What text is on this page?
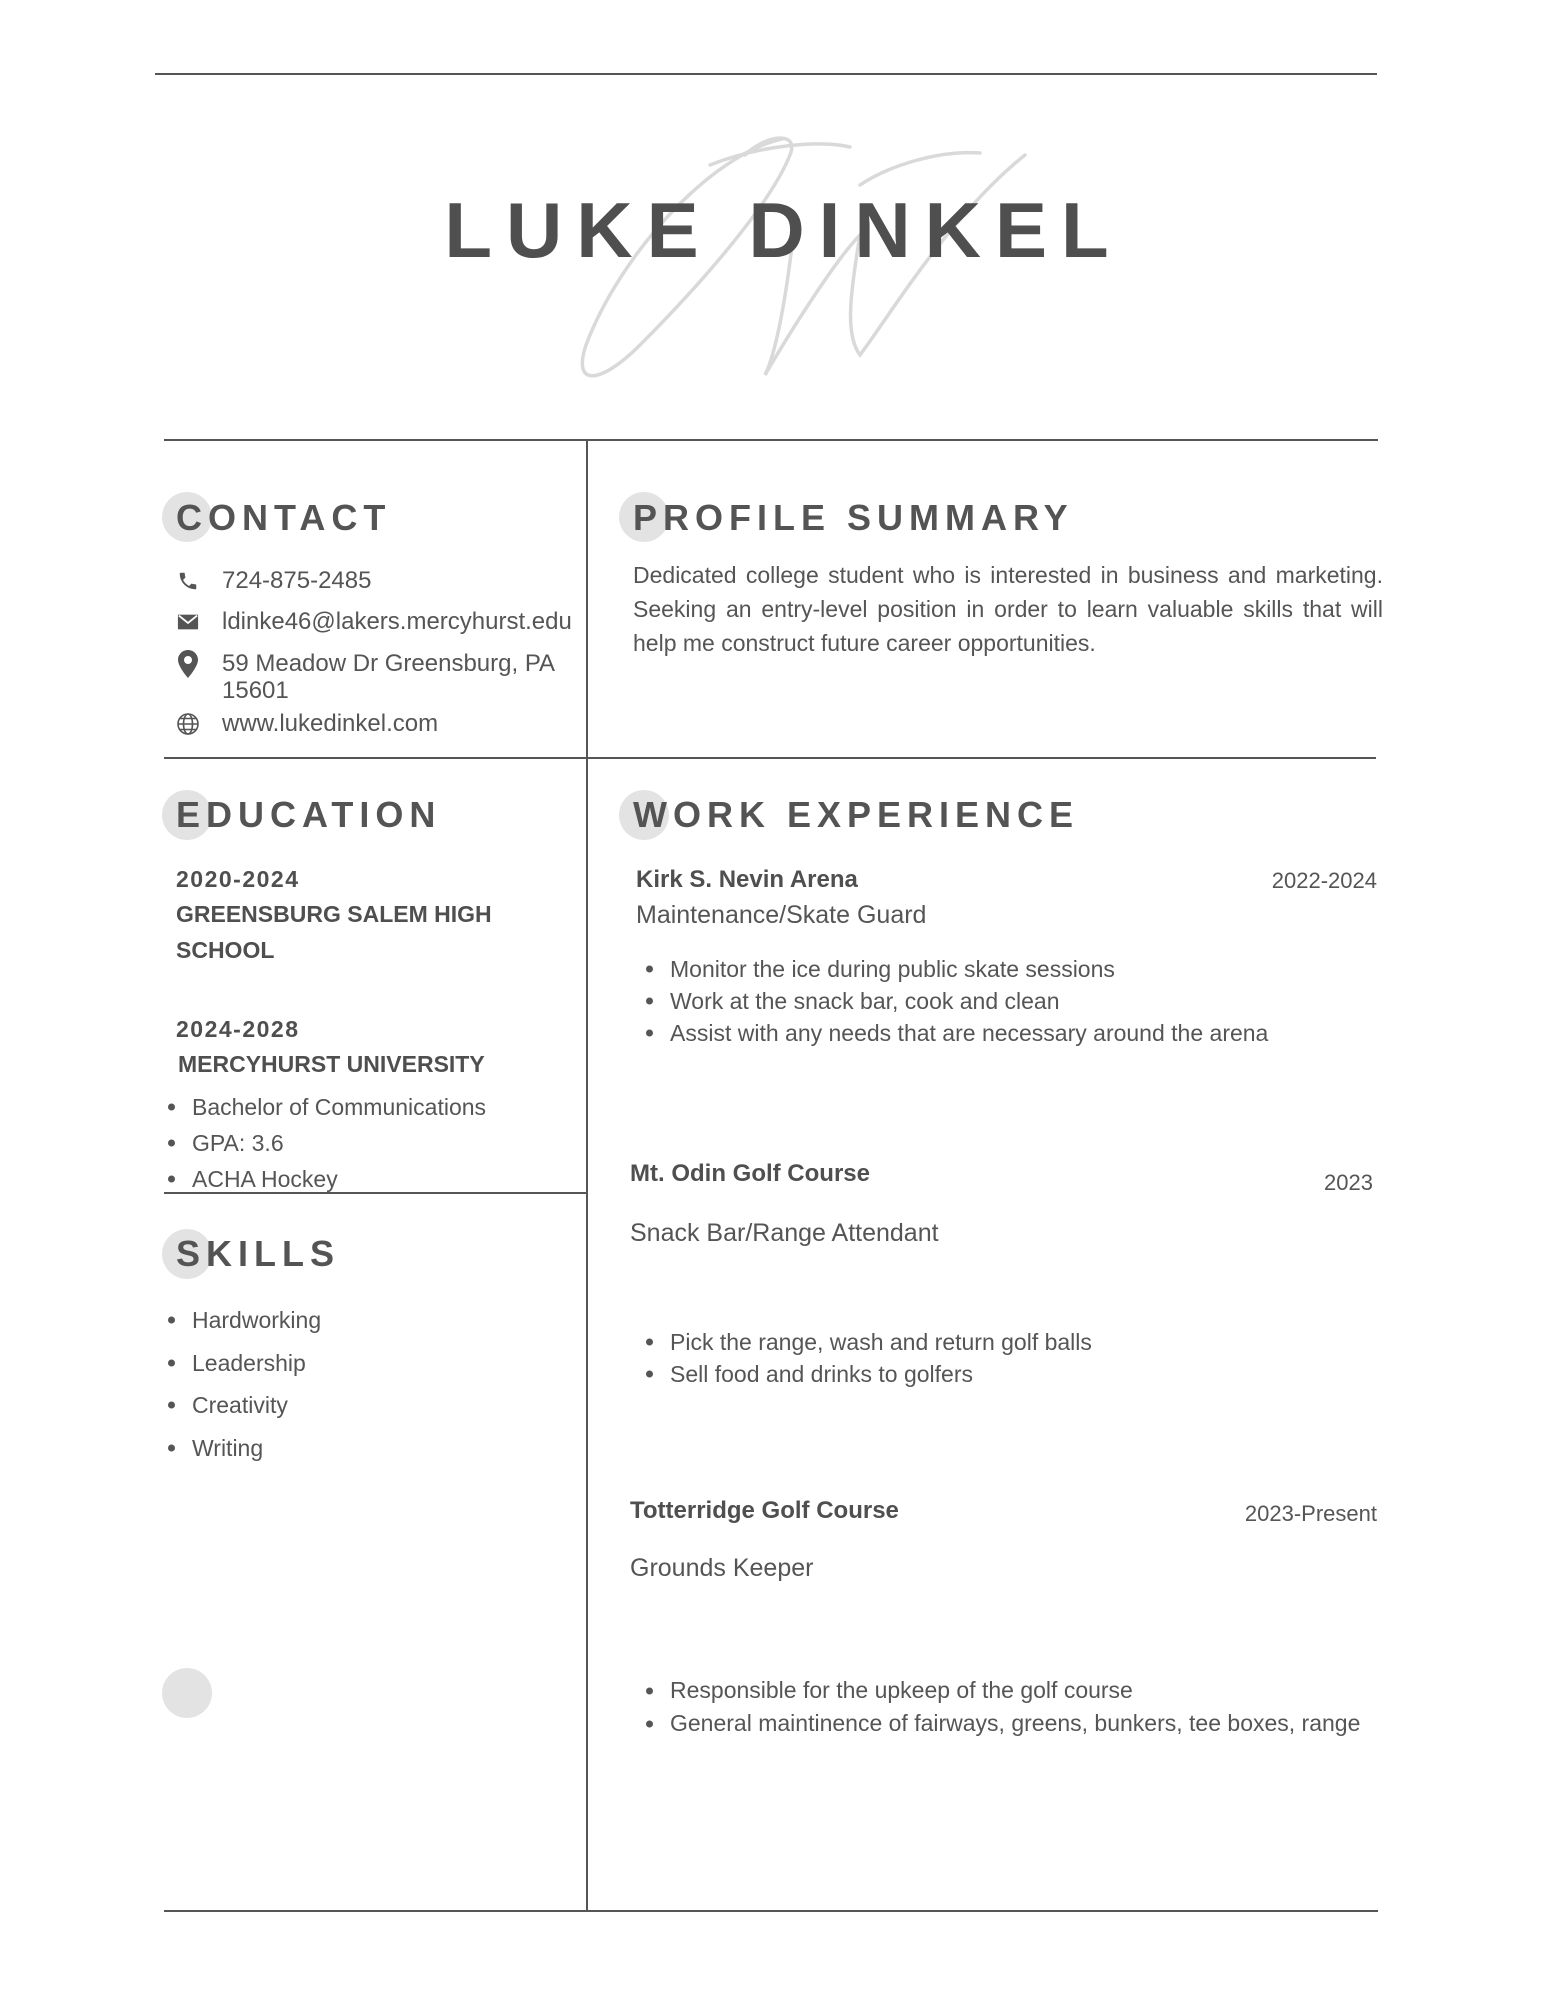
LUKE DINKEL
CONTACT
724-875-2485
ldinke46@lakers.mercyhurst.edu
59 Meadow Dr Greensburg, PA
15601
www.lukedinkel.com
PROFILE SUMMARY

Dedicated college student who is interested in business and marketing. Seeking an entry-level position in order to learn valuable skills that will help me construct future career opportunities.

EDUCATION
2020-2024
GREENSBURG SALEM HIGH SCHOOL
2024-2028
MERCYHURST UNIVERSITY
Bachelor of Communications
GPA: 3.6
ACHA Hockey
SKILLS
Hardworking
Leadership
Creativity
Writing
WORK EXPERIENCE
Kirk S. Nevin Arena	2022-2024
Maintenance/Skate Guard
Monitor the ice during public skate sessions
Work at the snack bar, cook and clean
Assist with any needs that are necessary around the arena
Mt. Odin Golf Course	2023
Snack Bar/Range Attendant
Pick the range, wash and return golf balls
Sell food and drinks to golfers
Totterridge Golf Course	2023-Present
Grounds Keeper
Responsible for the upkeep of the golf course
General maintinence of fairways, greens, bunkers, tee boxes, range
